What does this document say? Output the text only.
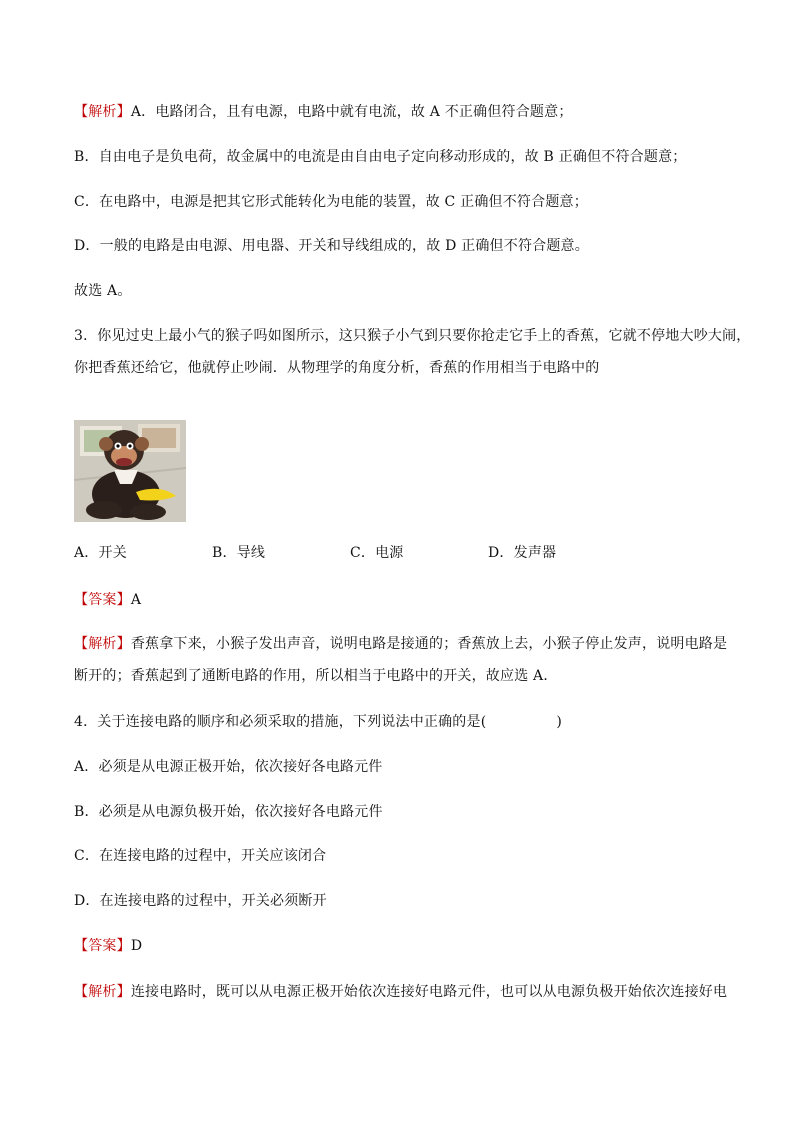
【解析】A．电路闭合，且有电源，电路中就有电流，故 A 不正确但符合题意；
B．自由电子是负电荷，故金属中的电流是由自由电子定向移动形成的，故 B 正确但不符合题意；
C．在电路中，电源是把其它形式能转化为电能的装置，故 C 正确但不符合题意；
D．一般的电路是由电源、用电器、开关和导线组成的，故 D 正确但不符合题意。
故选 A。
3．你见过史上最小气的猴子吗如图所示，这只猴子小气到只要你抢走它手上的香蕉，它就不停地大吵大闹，
你把香蕉还给它，他就停止吵闹．从物理学的角度分析，香蕉的作用相当于电路中的
A．开关	B．导线	C．电源	D．发声器
【答案】A
【解析】香蕉拿下来，小猴子发出声音，说明电路是接通的；香蕉放上去，小猴子停止发声，说明电路是
断开的；香蕉起到了通断电路的作用，所以相当于电路中的开关，故应选 A．
4．关于连接电路的顺序和必须采取的措施，下列说法中正确的是(	)
A．必须是从电源正极开始，依次接好各电路元件
B．必须是从电源负极开始，依次接好各电路元件
C．在连接电路的过程中，开关应该闭合
D．在连接电路的过程中，开关必须断开
【答案】D
【解析】连接电路时，既可以从电源正极开始依次连接好电路元件，也可以从电源负极开始依次连接好电
